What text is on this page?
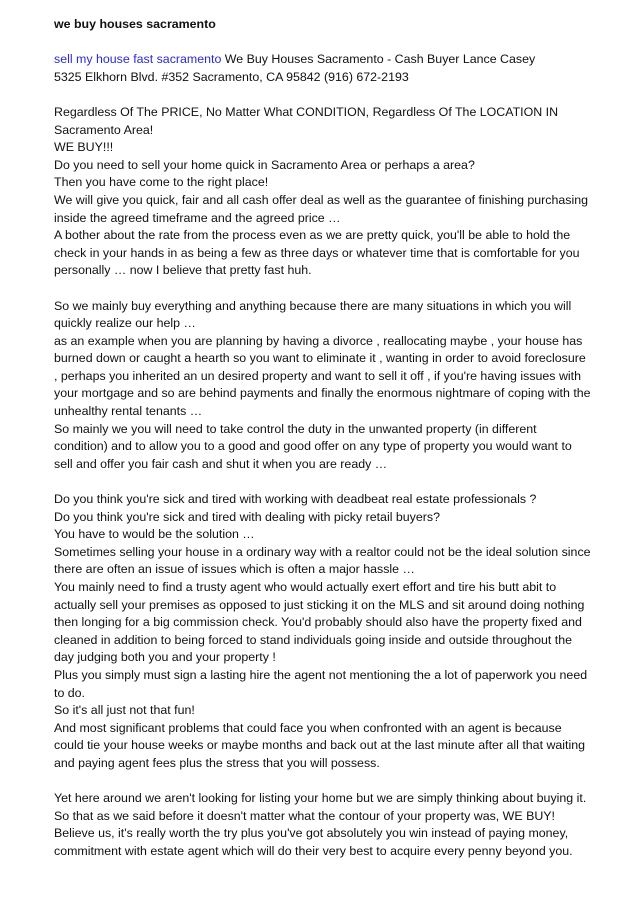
we buy houses sacramento
sell my house fast sacramento We Buy Houses Sacramento - Cash Buyer Lance Casey
5325 Elkhorn Blvd. #352 Sacramento, CA 95842 (916) 672-2193
Regardless Of The PRICE, No Matter What CONDITION, Regardless Of The LOCATION IN
Sacramento Area!
WE BUY!!!
Do you need to sell your home quick in Sacramento Area or perhaps a area?
Then you have come to the right place!
We will give you quick, fair and all cash offer deal as well as the guarantee of finishing purchasing
inside the agreed timeframe and the agreed price …
A bother about the rate from the process even as we are pretty quick, you'll be able to hold the
check in your hands in as being a few as three days or whatever time that is comfortable for you
personally … now I believe that pretty fast huh.
So we mainly buy everything and anything because there are many situations in which you will
quickly realize our help …
as an example when you are planning by having a divorce , reallocating maybe , your house has
burned down or caught a hearth so you want to eliminate it , wanting in order to avoid foreclosure
, perhaps you inherited an un desired property and want to sell it off , if you're having issues with
your mortgage and so are behind payments and finally the enormous nightmare of coping with the
unhealthy rental tenants …
So mainly we you will need to take control the duty in the unwanted property (in different
condition) and to allow you to a good and good offer on any type of property you would want to
sell and offer you fair cash and shut it when you are ready …
Do you think you're sick and tired with working with deadbeat real estate professionals ?
Do you think you're sick and tired with dealing with picky retail buyers?
You have to would be the solution …
Sometimes selling your house in a ordinary way with a realtor could not be the ideal solution since
there are often an issue of issues which is often a major hassle …
You mainly need to find a trusty agent who would actually exert effort and tire his butt abit to
actually sell your premises as opposed to just sticking it on the MLS and sit around doing nothing
then longing for a big commission check. You'd probably should also have the property fixed and
cleaned in addition to being forced to stand individuals going inside and outside throughout the
day judging both you and your property !
Plus you simply must sign a lasting hire the agent not mentioning the a lot of paperwork you need
to do.
So it's all just not that fun!
And most significant problems that could face you when confronted with an agent is because
could tie your house weeks or maybe months and back out at the last minute after all that waiting
and paying agent fees plus the stress that you will possess.
Yet here around we aren't looking for listing your home but we are simply thinking about buying it.
So that as we said before it doesn't matter what the contour of your property was, WE BUY!
Believe us, it's really worth the try plus you've got absolutely you win instead of paying money,
commitment with estate agent which will do their very best to acquire every penny beyond you.
